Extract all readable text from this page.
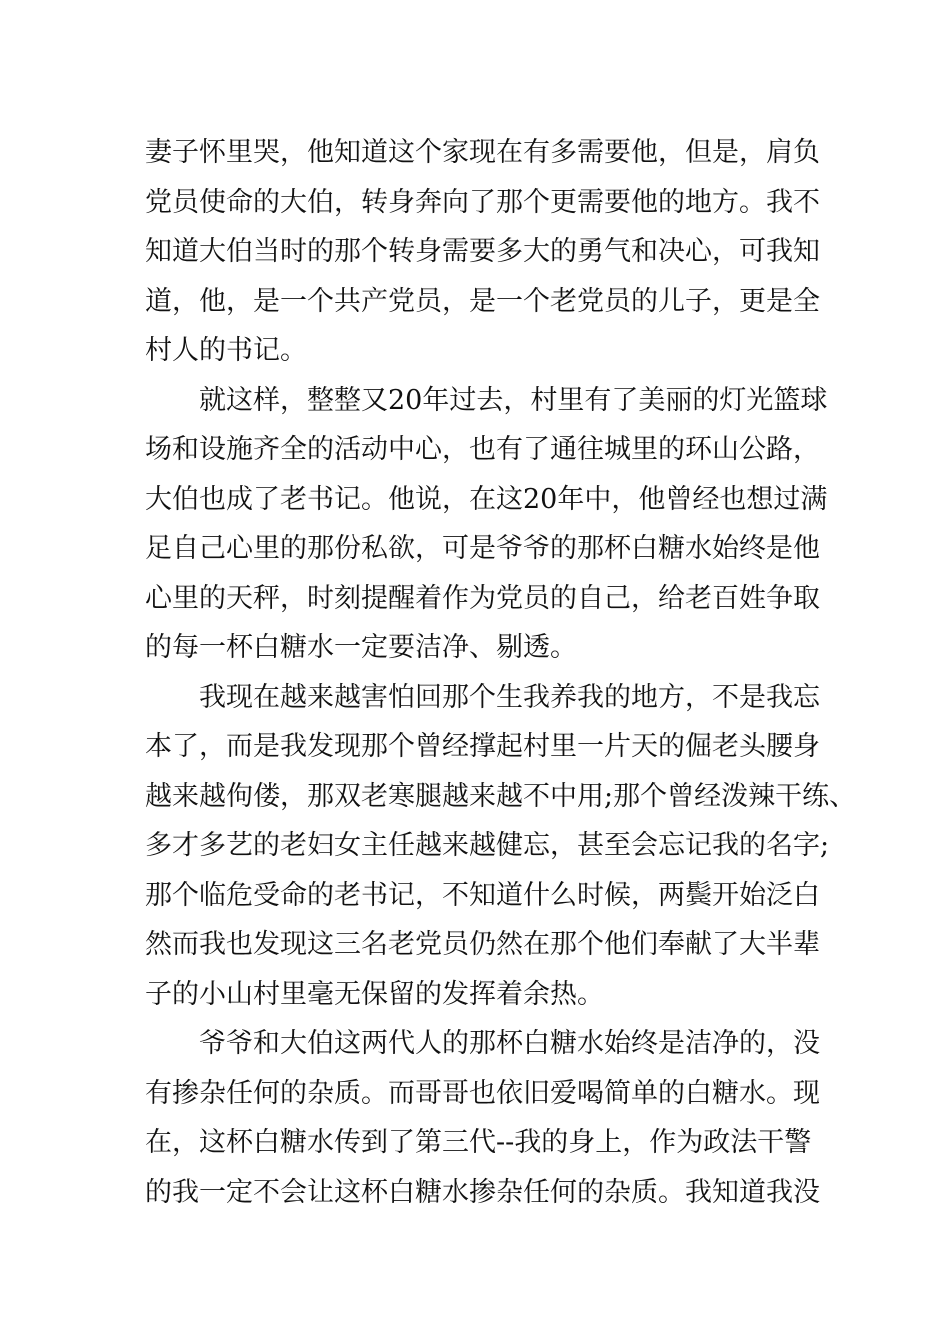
妻子怀里哭，他知道这个家现在有多需要他，但是，肩负
党员使命的大伯，转身奔向了那个更需要他的地方。我不
知道大伯当时的那个转身需要多大的勇气和决心，可我知
道，他，是一个共产党员，是一个老党员的儿子，更是全
村人的书记。
　　就这样，整整又20年过去，村里有了美丽的灯光篮球
场和设施齐全的活动中心，也有了通往城里的环山公路，
大伯也成了老书记。他说，在这20年中，他曾经也想过满
足自己心里的那份私欲，可是爷爷的那杯白糖水始终是他
心里的天秤，时刻提醒着作为党员的自己，给老百姓争取
的每一杯白糖水一定要洁净、剔透。
　　我现在越来越害怕回那个生我养我的地方，不是我忘
本了，而是我发现那个曾经撑起村里一片天的倔老头腰身
越来越佝偻，那双老寒腿越来越不中用;那个曾经泼辣干练、
多才多艺的老妇女主任越来越健忘，甚至会忘记我的名字;
那个临危受命的老书记，不知道什么时候，两鬓开始泛白
然而我也发现这三名老党员仍然在那个他们奉献了大半辈
子的小山村里毫无保留的发挥着余热。
　　爷爷和大伯这两代人的那杯白糖水始终是洁净的，没
有掺杂任何的杂质。而哥哥也依旧爱喝简单的白糖水。现
在，这杯白糖水传到了第三代--我的身上，作为政法干警
的我一定不会让这杯白糖水掺杂任何的杂质。我知道我没
